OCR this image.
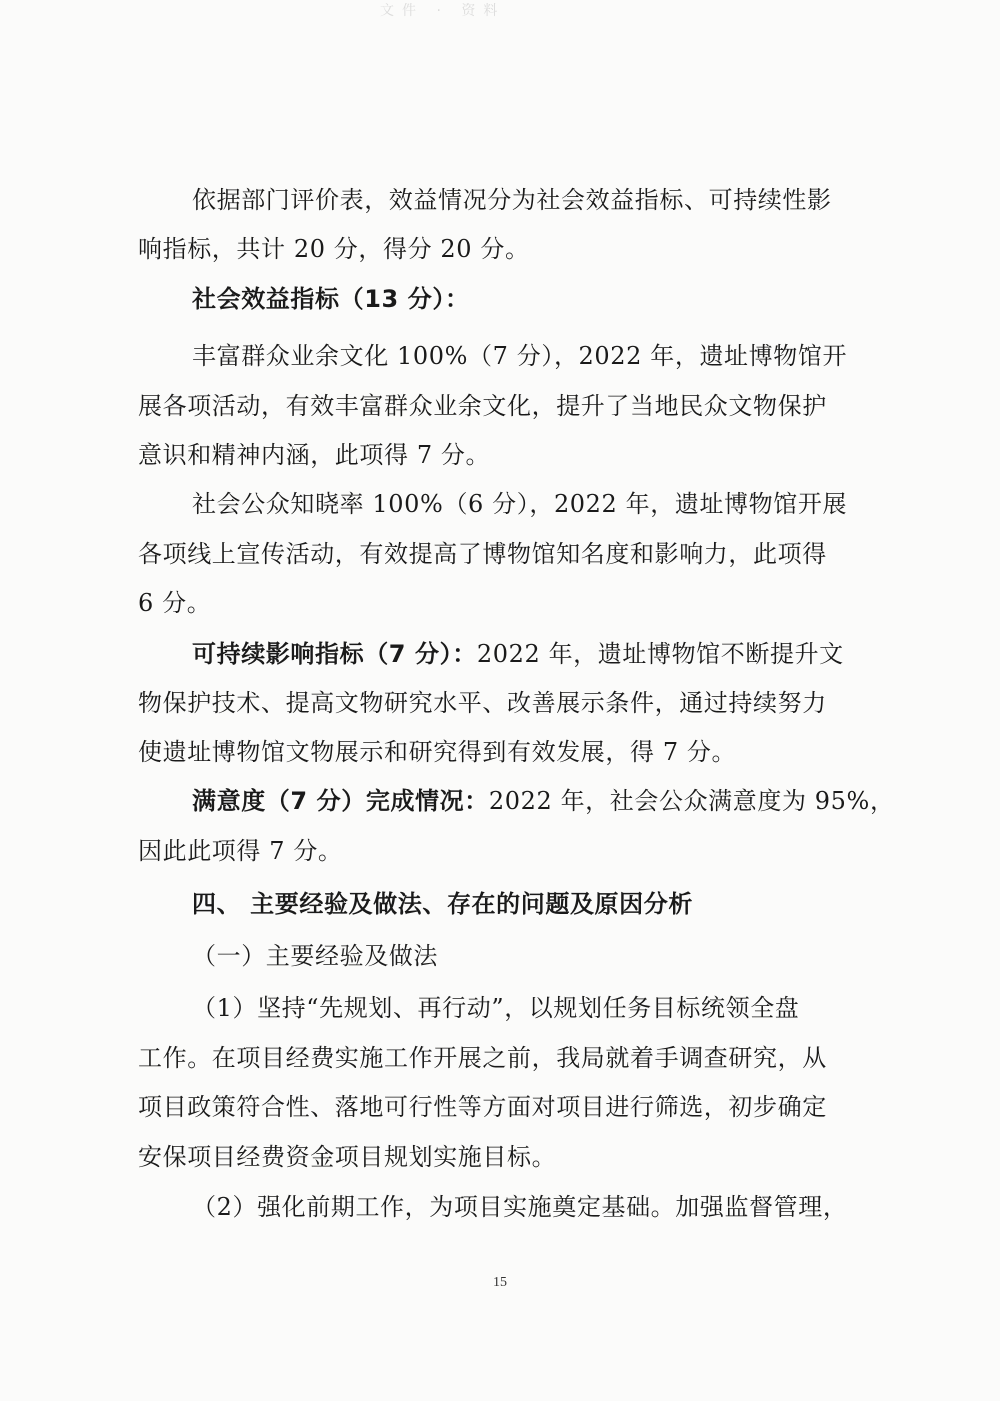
文件 · 资料
依据部门评价表，效益情况分为社会效益指标、可持续性影
响指标，共计 20 分，得分 20 分。
社会效益指标（13 分）：
丰富群众业余文化 100%（7 分），2022 年，遗址博物馆开
展各项活动，有效丰富群众业余文化，提升了当地民众文物保护
意识和精神内涵，此项得 7 分。
社会公众知晓率 100%（6 分），2022 年，遗址博物馆开展
各项线上宣传活动，有效提高了博物馆知名度和影响力，此项得
6 分。
可持续影响指标（7 分）：2022 年，遗址博物馆不断提升文
物保护技术、提高文物研究水平、改善展示条件，通过持续努力
使遗址博物馆文物展示和研究得到有效发展，得 7 分。
满意度（7 分）完成情况：2022 年，社会公众满意度为 95%，
因此此项得 7 分。
四、 主要经验及做法、存在的问题及原因分析
（一）主要经验及做法
（1）坚持“先规划、再行动”，以规划任务目标统领全盘
工作。在项目经费实施工作开展之前，我局就着手调查研究，从
项目政策符合性、落地可行性等方面对项目进行筛选，初步确定
安保项目经费资金项目规划实施目标。
（2）强化前期工作，为项目实施奠定基础。加强监督管理，
15
